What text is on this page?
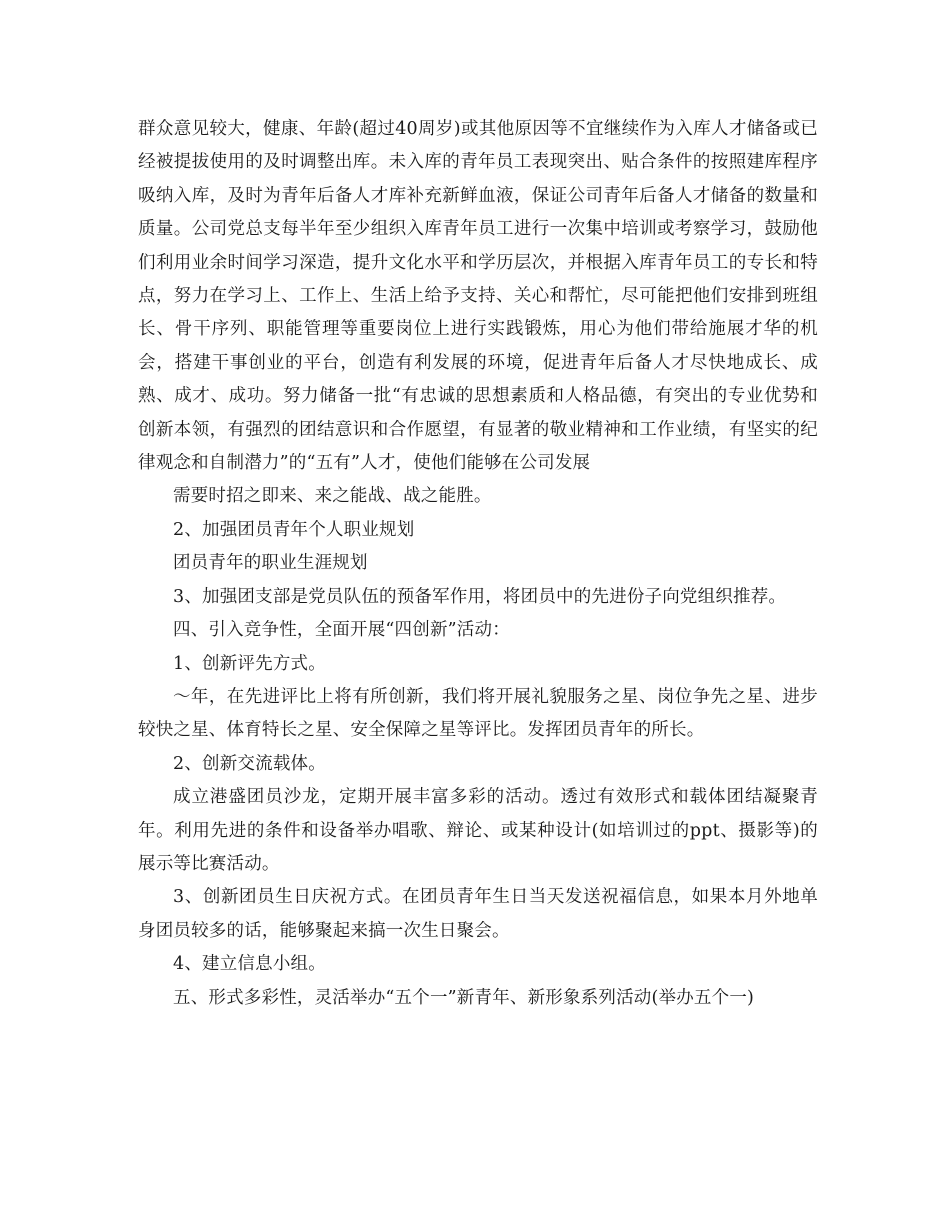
群众意见较大，健康、年龄(超过40周岁)或其他原因等不宜继续作为入库人才储备或已经被提拔使用的及时调整出库。未入库的青年员工表现突出、贴合条件的按照建库程序吸纳入库，及时为青年后备人才库补充新鲜血液，保证公司青年后备人才储备的数量和质量。公司党总支每半年至少组织入库青年员工进行一次集中培训或考察学习，鼓励他们利用业余时间学习深造，提升文化水平和学历层次，并根据入库青年员工的专长和特点，努力在学习上、工作上、生活上给予支持、关心和帮忙，尽可能把他们安排到班组长、骨干序列、职能管理等重要岗位上进行实践锻炼，用心为他们带给施展才华的机会，搭建干事创业的平台，创造有利发展的环境，促进青年后备人才尽快地成长、成熟、成才、成功。努力储备一批“有忠诚的思想素质和人格品德，有突出的专业优势和创新本领，有强烈的团结意识和合作愿望，有显著的敬业精神和工作业绩，有坚实的纪律观念和自制潜力”的“五有”人才，使他们能够在公司发展

需要时招之即来、来之能战、战之能胜。

2、加强团员青年个人职业规划

团员青年的职业生涯规划

3、加强团支部是党员队伍的预备军作用，将团员中的先进份子向党组织推荐。

四、引入竞争性，全面开展“四创新”活动：

1、创新评先方式。

～年，在先进评比上将有所创新，我们将开展礼貌服务之星、岗位争先之星、进步较快之星、体育特长之星、安全保障之星等评比。发挥团员青年的所长。

2、创新交流载体。

成立港盛团员沙龙，定期开展丰富多彩的活动。透过有效形式和载体团结凝聚青年。利用先进的条件和设备举办唱歌、辩论、或某种设计(如培训过的ppt、摄影等)的展示等比赛活动。

3、创新团员生日庆祝方式。在团员青年生日当天发送祝福信息，如果本月外地单身团员较多的话，能够聚起来搞一次生日聚会。

4、建立信息小组。

五、形式多彩性，灵活举办“五个一”新青年、新形象系列活动(举办五个一)
